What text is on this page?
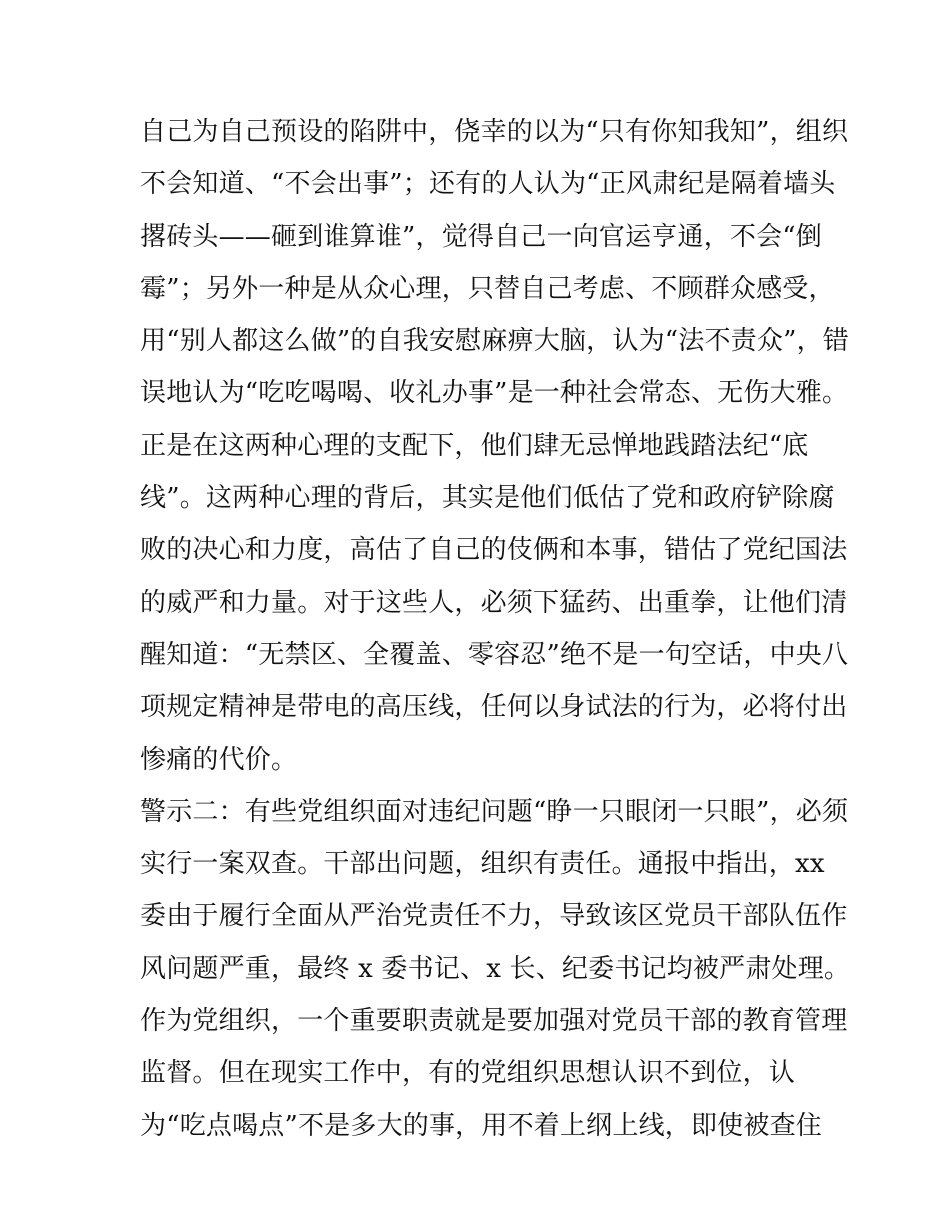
自己为自己预设的陷阱中，侥幸的以为“只有你知我知”，组织
不会知道、“不会出事”；还有的人认为“正风肃纪是隔着墙头
撂砖头——砸到谁算谁”，觉得自己一向官运亨通，不会“倒
霉”；另外一种是从众心理，只替自己考虑、不顾群众感受，
用“别人都这么做”的自我安慰麻痹大脑，认为“法不责众”，错
误地认为“吃吃喝喝、收礼办事”是一种社会常态、无伤大雅。
正是在这两种心理的支配下，他们肆无忌惮地践踏法纪“底
线”。这两种心理的背后，其实是他们低估了党和政府铲除腐
败的决心和力度，高估了自己的伎俩和本事，错估了党纪国法
的威严和力量。对于这些人，必须下猛药、出重拳，让他们清
醒知道：“无禁区、全覆盖、零容忍”绝不是一句空话，中央八
项规定精神是带电的高压线，任何以身试法的行为，必将付出
惨痛的代价。
警示二：有些党组织面对违纪问题“睁一只眼闭一只眼”，必须
实行一案双查。干部出问题，组织有责任。通报中指出，xx
委由于履行全面从严治党责任不力，导致该区党员干部队伍作
风问题严重，最终 x 委书记、x 长、纪委书记均被严肃处理。
作为党组织，一个重要职责就是要加强对党员干部的教育管理
监督。但在现实工作中，有的党组织思想认识不到位，认
为“吃点喝点”不是多大的事，用不着上纲上线，即使被查住
